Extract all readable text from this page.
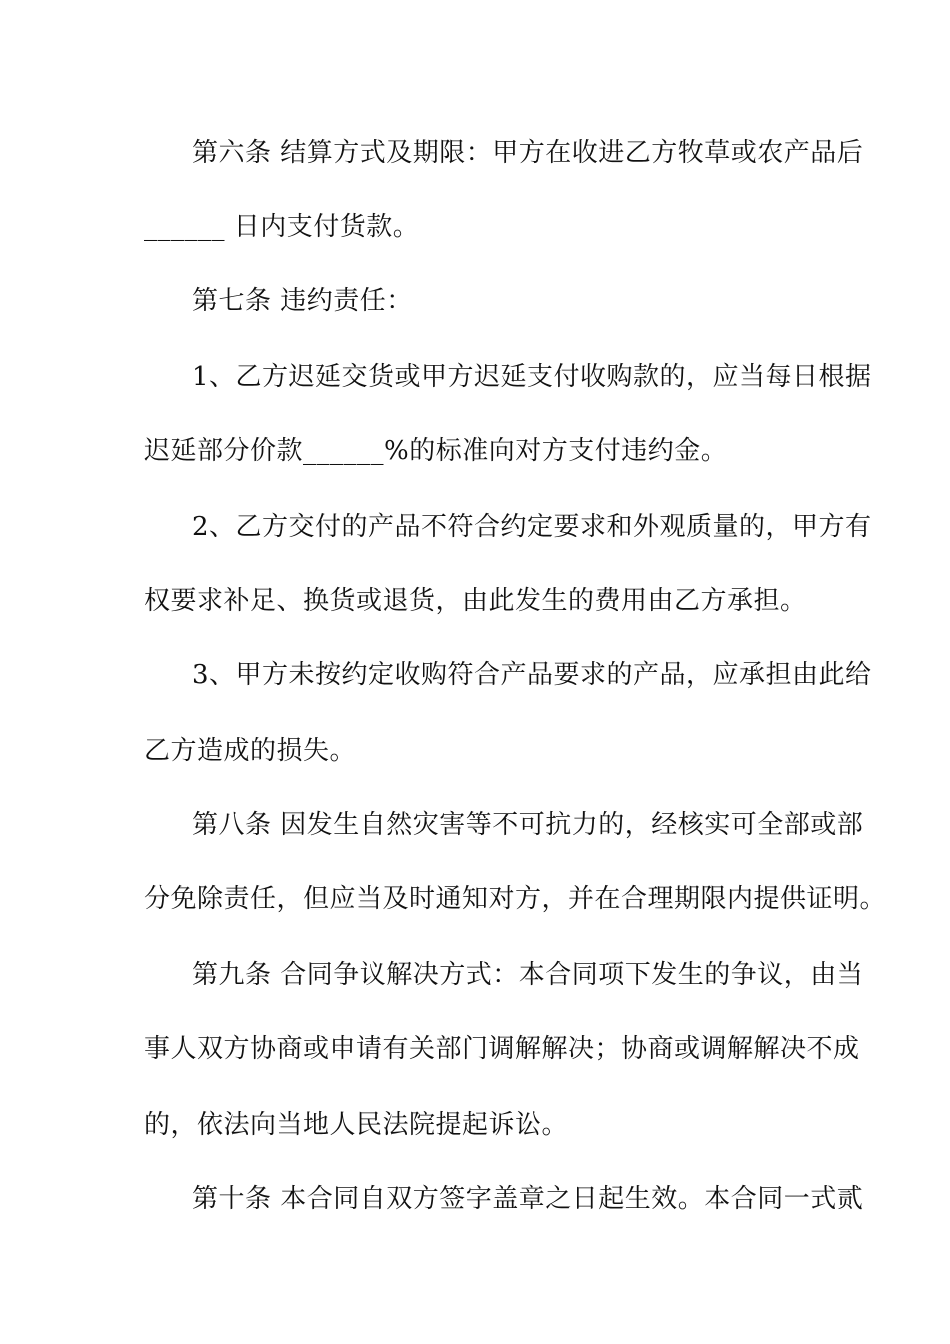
第六条 结算方式及期限：甲方在收进乙方牧草或农产品后
______ 日内支付货款。
第七条 违约责任：
1、乙方迟延交货或甲方迟延支付收购款的，应当每日根据
迟延部分价款______%的标准向对方支付违约金。
2、乙方交付的产品不符合约定要求和外观质量的，甲方有
权要求补足、换货或退货，由此发生的费用由乙方承担。
3、甲方未按约定收购符合产品要求的产品，应承担由此给
乙方造成的损失。
第八条 因发生自然灾害等不可抗力的，经核实可全部或部
分免除责任，但应当及时通知对方，并在合理期限内提供证明。
第九条 合同争议解决方式：本合同项下发生的争议，由当
事人双方协商或申请有关部门调解解决；协商或调解解决不成
的，依法向当地人民法院提起诉讼。
第十条 本合同自双方签字盖章之日起生效。本合同一式贰
